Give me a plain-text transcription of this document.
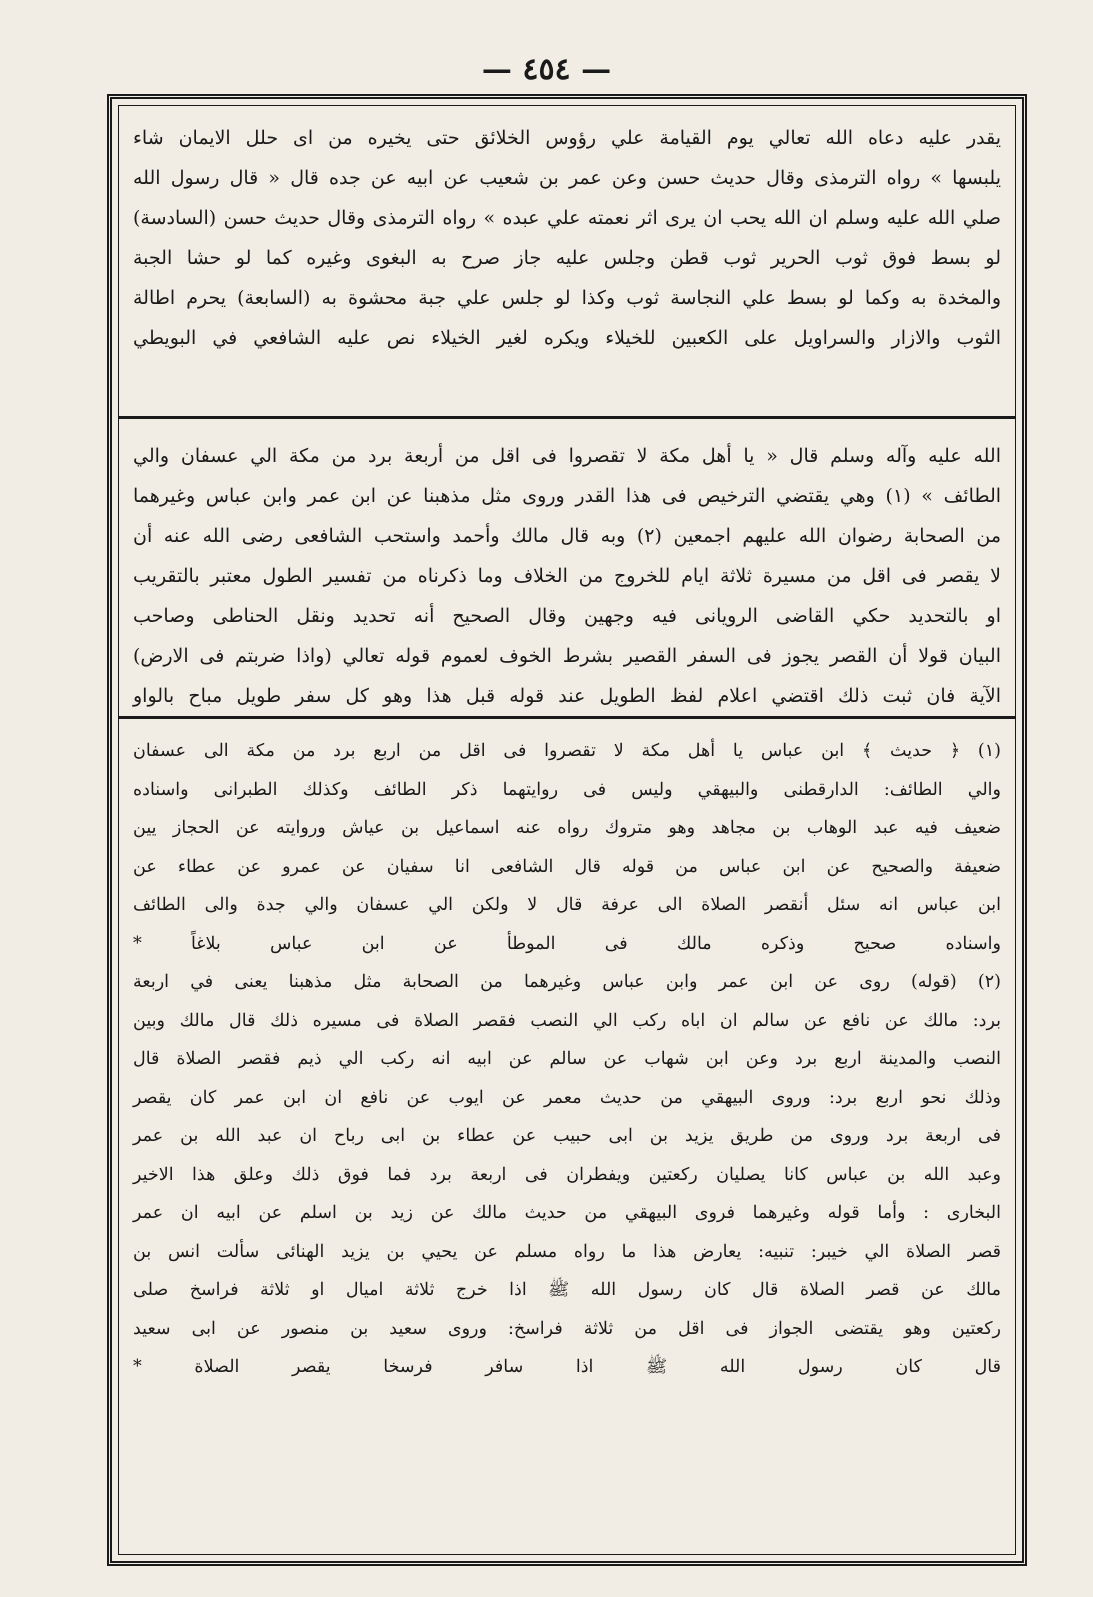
— ٤٥٤ —

يقدر عليه دعاه الله تعالي يوم القيامة علي رؤوس الخلائق حتى يخيره من اى حلل الايمان شاء

يلبسها » رواه الترمذى وقال حديث حسن وعن عمر بن شعيب عن ابيه عن جده قال « قال رسول الله

صلي الله عليه وسلم ان الله يحب ان يرى اثر نعمته علي عبده » رواه الترمذى وقال حديث حسن (السادسة)

لو بسط فوق ثوب الحرير ثوب قطن وجلس عليه جاز صرح به البغوى وغيره كما لو حشا الجبة

والمخدة به وكما لو بسط علي النجاسة ثوب وكذا لو جلس علي جبة محشوة به (السابعة) يحرم اطالة

الثوب والازار والسراويل على الكعبين للخيلاء ويكره لغير الخيلاء نص عليه الشافعي في البويطي

الله عليه وآله وسلم قال « يا أهل مكة لا تقصروا فى اقل من أربعة برد من مكة الي عسفان والي

الطائف » (١) وهي يقتضي الترخيص فى هذا القدر وروى مثل مذهبنا عن ابن عمر وابن عباس وغيرهما

من الصحابة رضوان الله عليهم اجمعين (٢) وبه قال مالك وأحمد واستحب الشافعى رضى الله عنه أن

لا يقصر فى اقل من مسيرة ثلاثة ايام للخروج من الخلاف وما ذكرناه من تفسير الطول معتبر بالتقريب

او بالتحديد حكي القاضى الرويانى فيه وجهين وقال الصحيح أنه تحديد ونقل الحناطى وصاحب

البيان قولا أن القصر يجوز فى السفر القصير بشرط الخوف لعموم قوله تعالي (واذا ضربتم فى الارض)

الآية فان ثبت ذلك اقتضي اعلام لفظ الطويل عند قوله قبل هذا وهو كل سفر طويل مباح بالواو

(١) ﴿ حديث ﴾ ابن عباس يا أهل مكة لا تقصروا فى اقل من اربع برد من مكة الى عسفان

والي الطائف: الدارقطنى والبيهقي وليس فى روايتهما ذكر الطائف وكذلك الطبرانى واسناده

ضعيف فيه عبد الوهاب بن مجاهد وهو متروك رواه عنه اسماعيل بن عياش وروايته عن الحجاز يين

ضعيفة والصحيح عن ابن عباس من قوله قال الشافعى انا سفيان عن عمرو عن عطاء عن

ابن عباس انه سئل أنقصر الصلاة الى عرفة قال لا ولكن الي عسفان والي جدة والى الطائف

واسناده صحيح وذكره مالك فى الموطأ عن ابن عباس بلاغاً *

(٢) (قوله) روى عن ابن عمر وابن عباس وغيرهما من الصحابة مثل مذهبنا يعنى في اربعة

برد: مالك عن نافع عن سالم ان اباه ركب الي النصب فقصر الصلاة فى مسيره ذلك قال مالك وبين

النصب والمدينة اربع برد وعن ابن شهاب عن سالم عن ابيه انه ركب الي ذيم فقصر الصلاة قال

وذلك نحو اربع برد: وروى البيهقي من حديث معمر عن ايوب عن نافع ان ابن عمر كان يقصر

فى اربعة برد وروى من طريق يزيد بن ابى حبيب عن عطاء بن ابى رباح ان عبد الله بن عمر

وعبد الله بن عباس كانا يصليان ركعتين ويفطران فى اربعة برد فما فوق ذلك وعلق هذا الاخير

البخارى : وأما قوله وغيرهما فروى البيهقي من حديث مالك عن زيد بن اسلم عن ابيه ان عمر

قصر الصلاة الي خيبر: تنبيه: يعارض هذا ما رواه مسلم عن يحيي بن يزيد الهنائى سألت انس بن

مالك عن قصر الصلاة قال كان رسول الله ﷺ اذا خرج ثلاثة اميال او ثلاثة فراسخ صلى

ركعتين وهو يقتضى الجواز فى اقل من ثلاثة فراسخ: وروى سعيد بن منصور عن ابى سعيد

قال كان رسول الله ﷺ اذا سافر فرسخا يقصر الصلاة *
